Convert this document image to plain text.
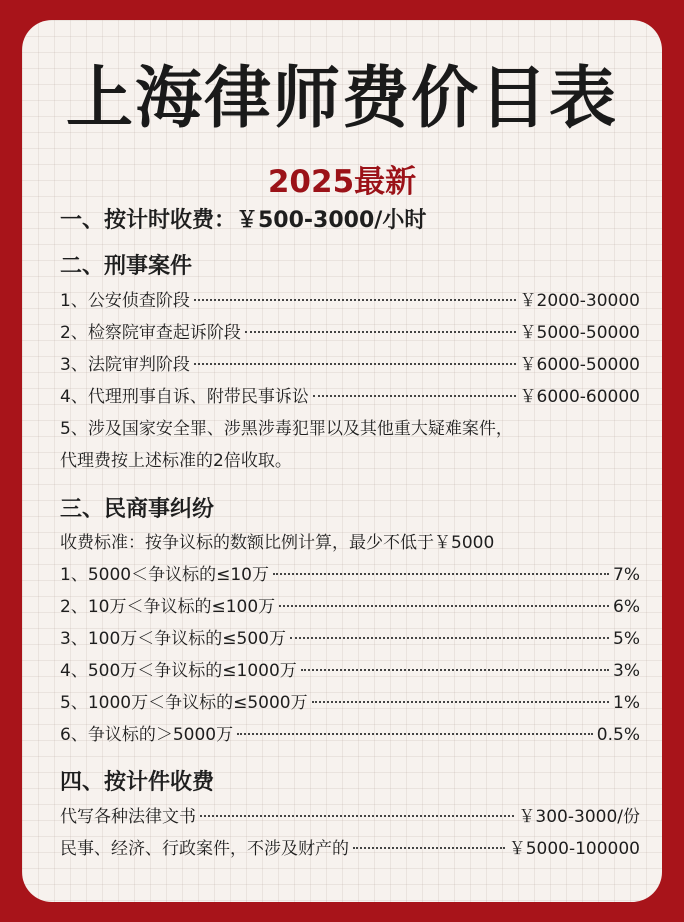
上海律师费价目表
2025最新
一、按计时收费：￥500-3000/小时
二、刑事案件
1、公安侦查阶段	￥2000-30000
2、检察院审查起诉阶段	￥5000-50000
3、法院审判阶段	￥6000-50000
4、代理刑事自诉、附带民事诉讼	￥6000-60000
5、涉及国家安全罪、涉黑涉毒犯罪以及其他重大疑难案件，
代理费按上述标准的2倍收取。
三、民商事纠纷
收费标准：按争议标的数额比例计算，最少不低于￥5000
1、5000＜争议标的≤10万	7%
2、10万＜争议标的≤100万	6%
3、100万＜争议标的≤500万	5%
4、500万＜争议标的≤1000万	3%
5、1000万＜争议标的≤5000万	1%
6、争议标的＞5000万	0.5%
四、按计件收费
代写各种法律文书	￥300-3000/份
民事、经济、行政案件，不涉及财产的	￥5000-100000
